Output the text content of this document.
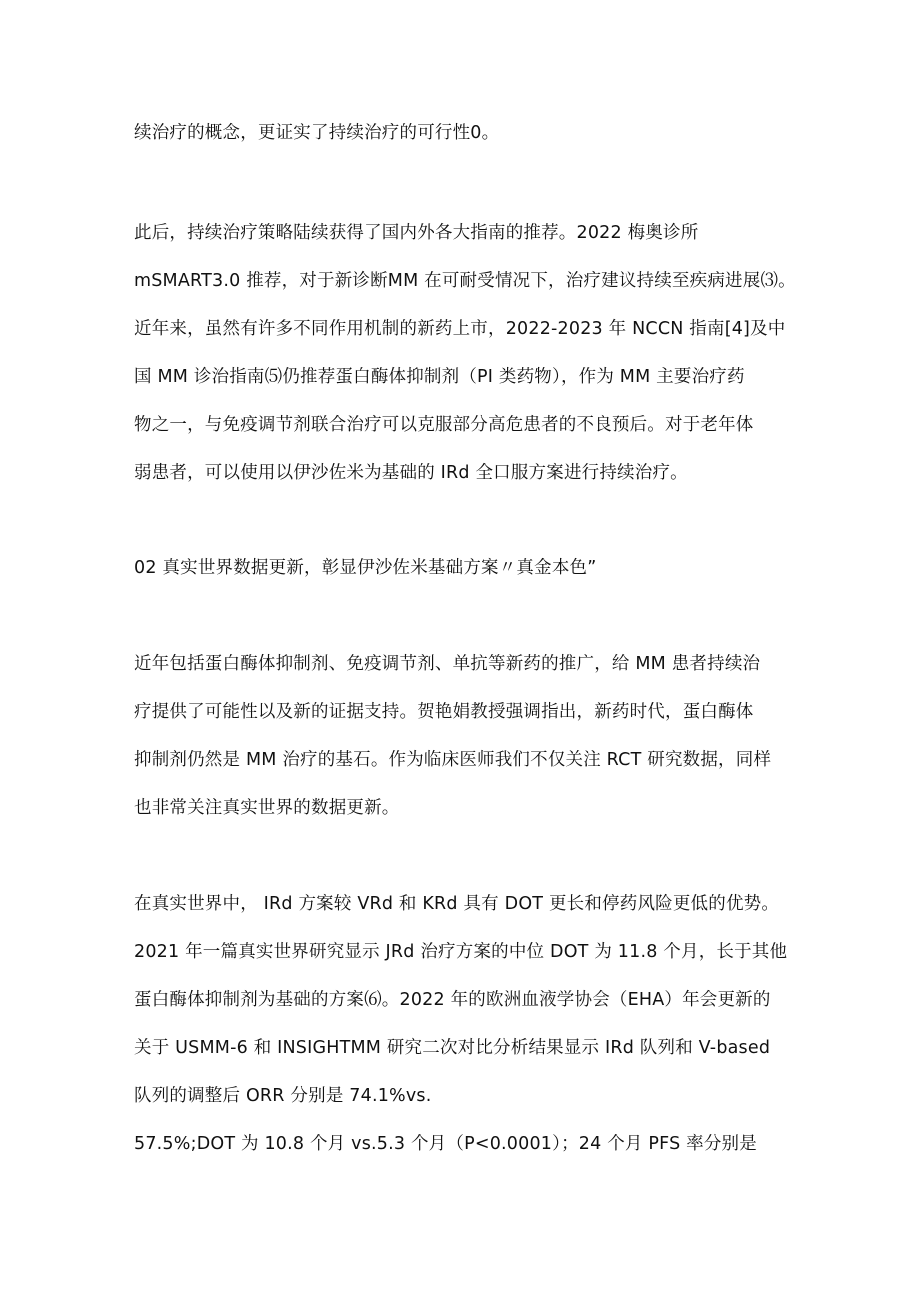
续治疗的概念，更证实了持续治疗的可行性0。
此后，持续治疗策略陆续获得了国内外各大指南的推荐。2022 梅奥诊所
mSMART3.0 推荐，对于新诊断MM 在可耐受情况下，治疗建议持续至疾病进展⑶。
近年来，虽然有许多不同作用机制的新药上市，2022-2023 年 NCCN 指南[4]及中
国 MM 诊治指南⑸仍推荐蛋白酶体抑制剂（PI 类药物），作为 MM 主要治疗药
物之一，与免疫调节剂联合治疗可以克服部分高危患者的不良预后。对于老年体
弱患者，可以使用以伊沙佐米为基础的 IRd 全口服方案进行持续治疗。
02 真实世界数据更新，彰显伊沙佐米基础方案〃真金本色”
近年包括蛋白酶体抑制剂、免疫调节剂、单抗等新药的推广，给 MM 患者持续治
疗提供了可能性以及新的证据支持。贺艳娟教授强调指出，新药时代，蛋白酶体
抑制剂仍然是 MM 治疗的基石。作为临床医师我们不仅关注 RCT 研究数据，同样
也非常关注真实世界的数据更新。
在真实世界中， IRd 方案较 VRd 和 KRd 具有 DOT 更长和停药风险更低的优势。
2021 年一篇真实世界研究显示 JRd 治疗方案的中位 DOT 为 11.8 个月，长于其他
蛋白酶体抑制剂为基础的方案⑹。2022 年的欧洲血液学协会（EHA）年会更新的
关于 USMM-6 和 INSIGHTMM 研究二次对比分析结果显示 IRd 队列和 V-based
队列的调整后 ORR 分别是 74.1%vs.
57.5%;DOT 为 10.8 个月 vs.5.3 个月（P<0.0001）；24 个月 PFS 率分别是
